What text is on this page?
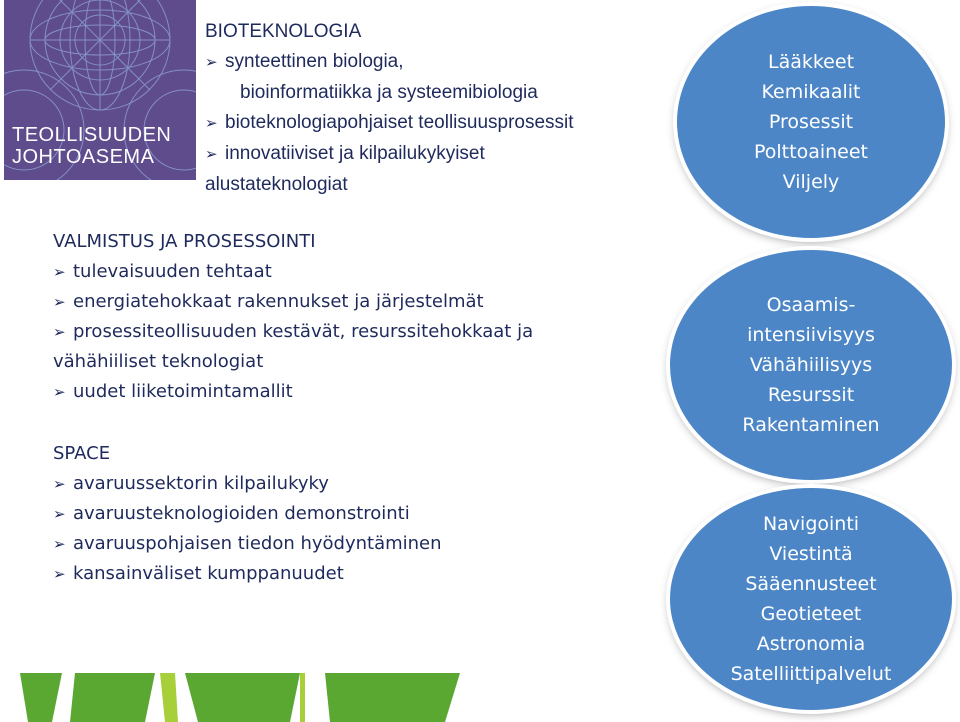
TEOLLISUUDEN
JOHTOASEMA
BIOTEKNOLOGIA
➢ synteettinen biologia,
bioinformatiikka ja systeemibiologia
➢ bioteknologiapohjaiset teollisuusprosessit
➢ innovatiiviset ja kilpailukykyiset
alustateknologiat
VALMISTUS JA PROSESSOINTI
➢ tulevaisuuden tehtaat
➢ energiatehokkaat rakennukset ja järjestelmät
➢ prosessiteollisuuden kestävät, resurssitehokkaat ja
vähähiiliset teknologiat
➢ uudet liiketoimintamallit
SPACE
➢ avaruussektorin kilpailukyky
➢ avaruusteknologioiden demonstrointi
➢ avaruuspohjaisen tiedon hyödyntäminen
➢ kansainväliset kumppanuudet
Lääkkeet
Kemikaalit
Prosessit
Polttoaineet
Viljely
Osaamis-
intensiivisyys
Vähähiilisyys
Resurssit
Rakentaminen
Navigointi
Viestintä
Sääennusteet
Geotieteet
Astronomia
Satelliittipalvelut
